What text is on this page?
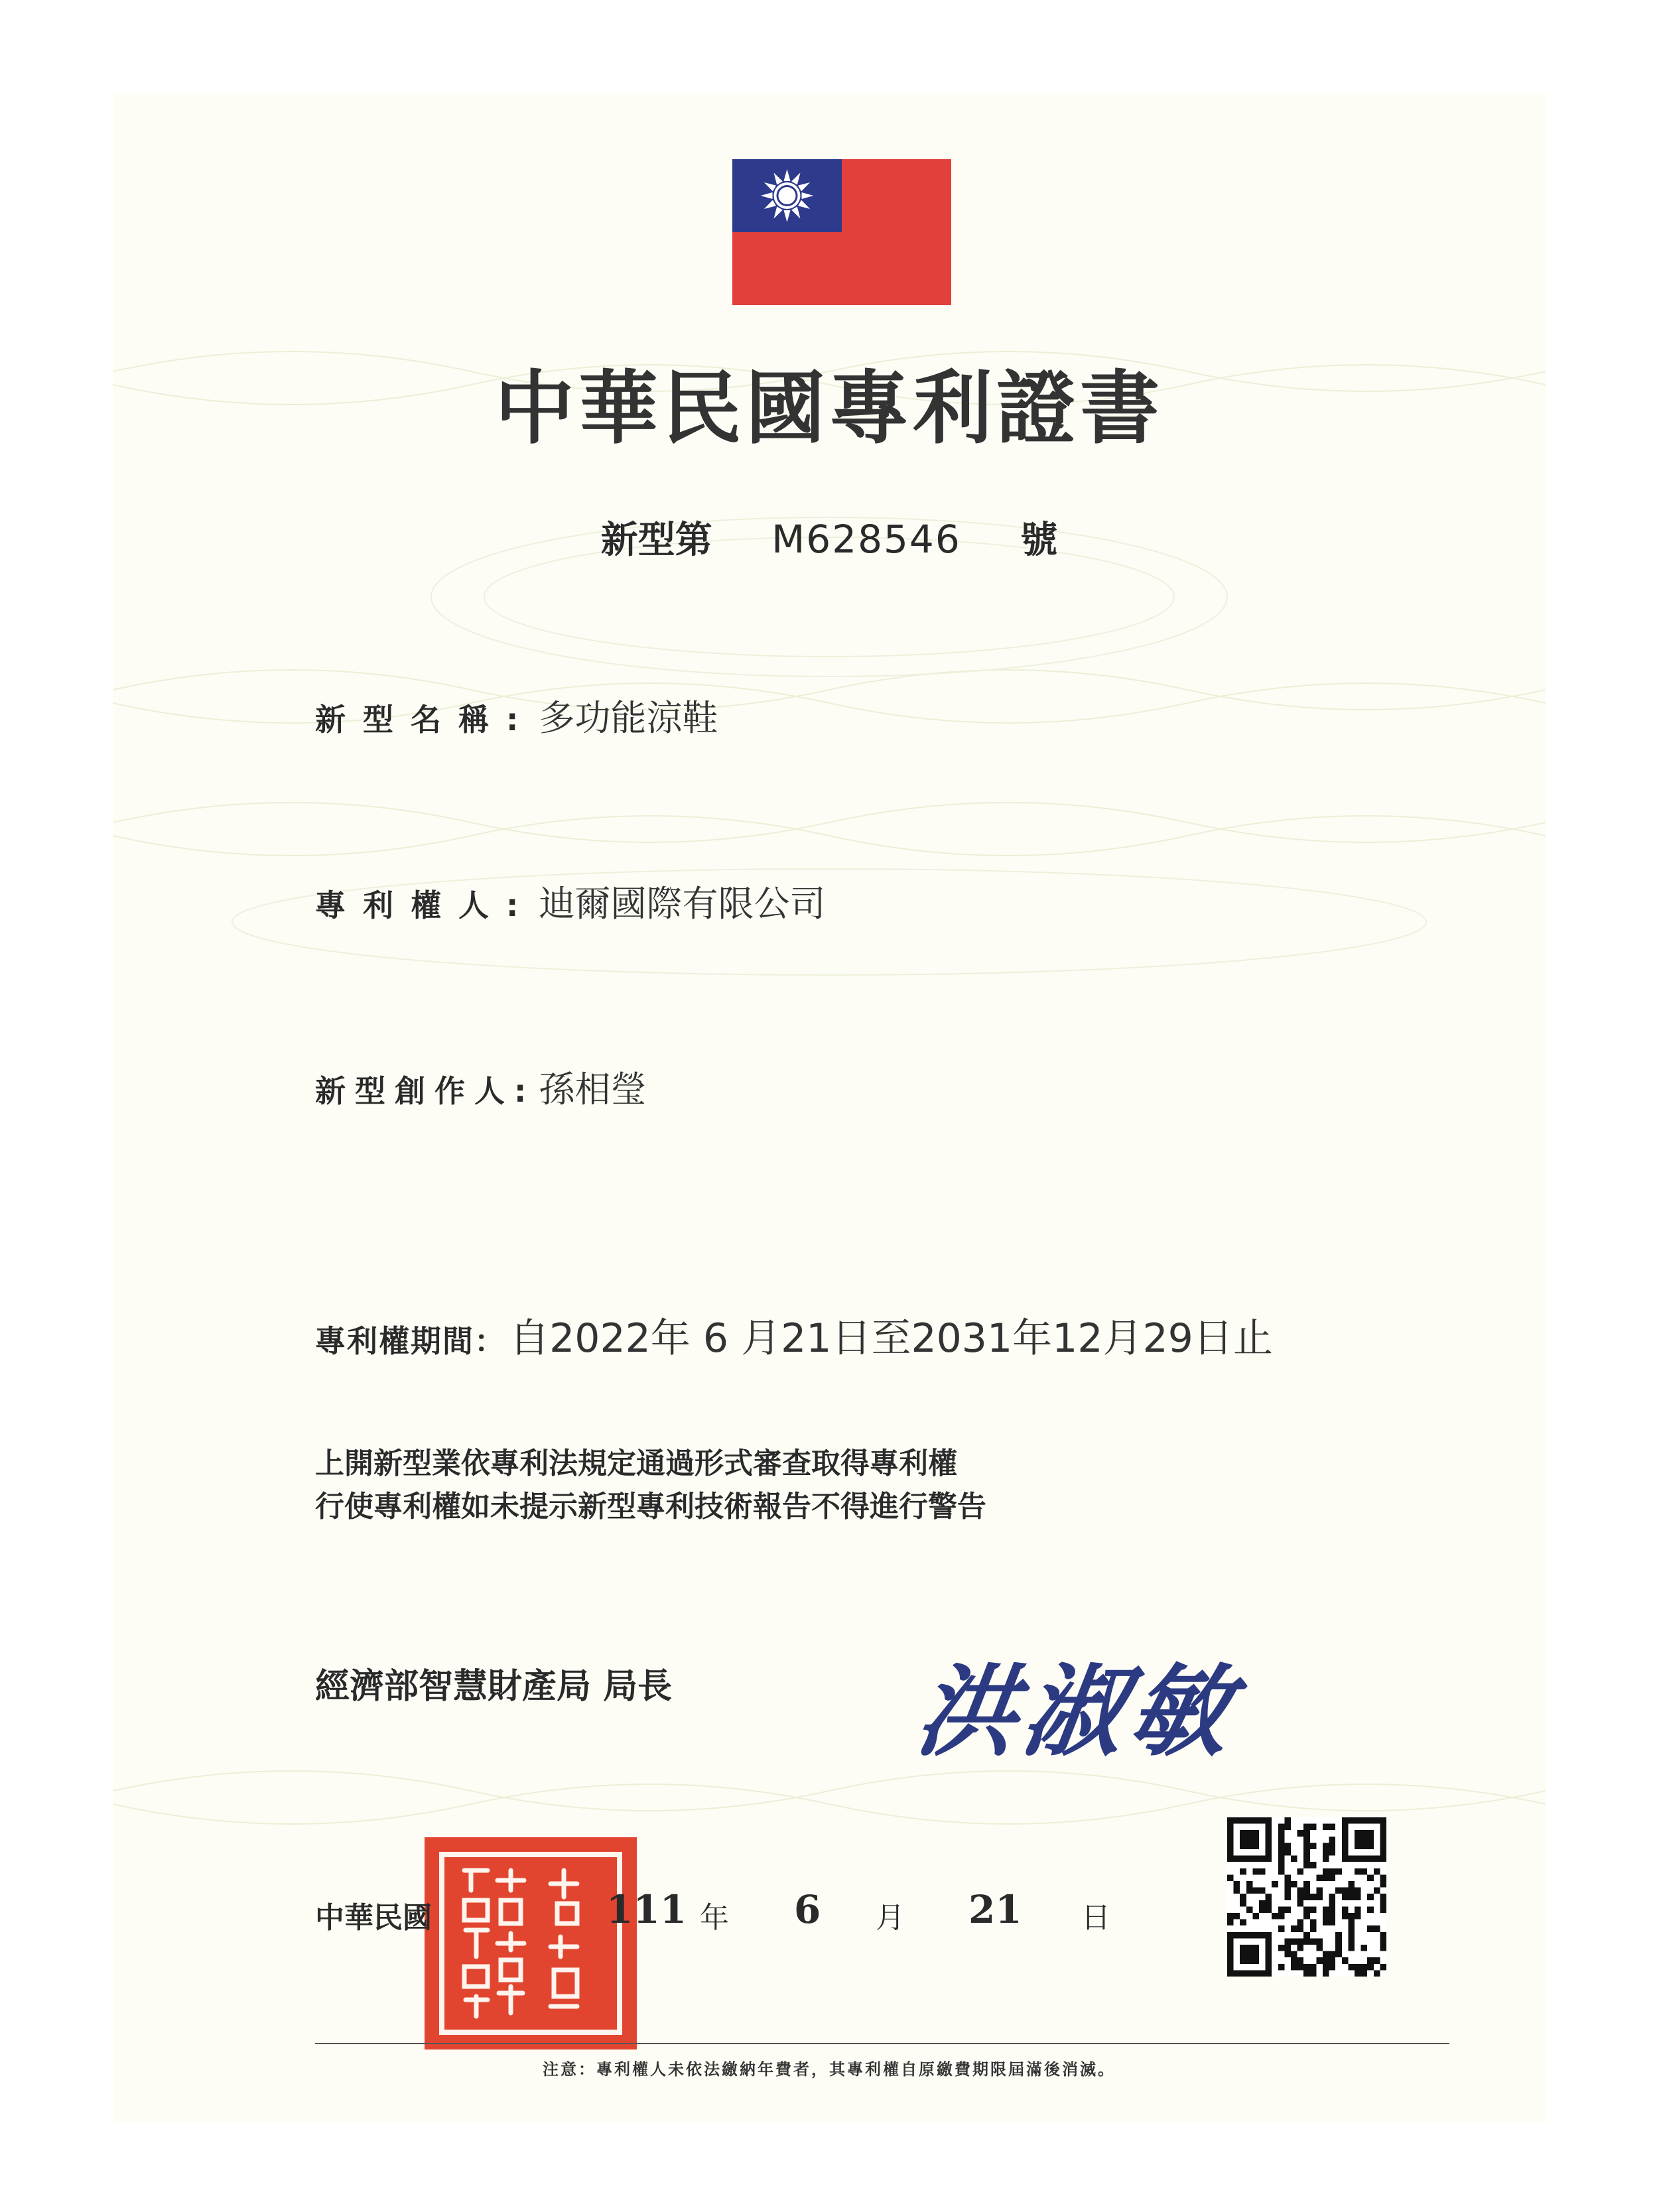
中華民國專利證書
新型第 M628546 號
新型名稱: 多功能涼鞋
專利權人: 迪爾國際有限公司
新型創作人: 孫相瑩
專利權期間： 自2022年 6 月21日至2031年12月29日止
上開新型業依專利法規定通過形式審查取得專利權
行使專利權如未提示新型專利技術報告不得進行警告
經濟部智慧財產局 局長 洪淑敏
中華民國	111 年 6 月 21 日
注意：專利權人未依法繳納年費者，其專利權自原繳費期限屆滿後消滅。
